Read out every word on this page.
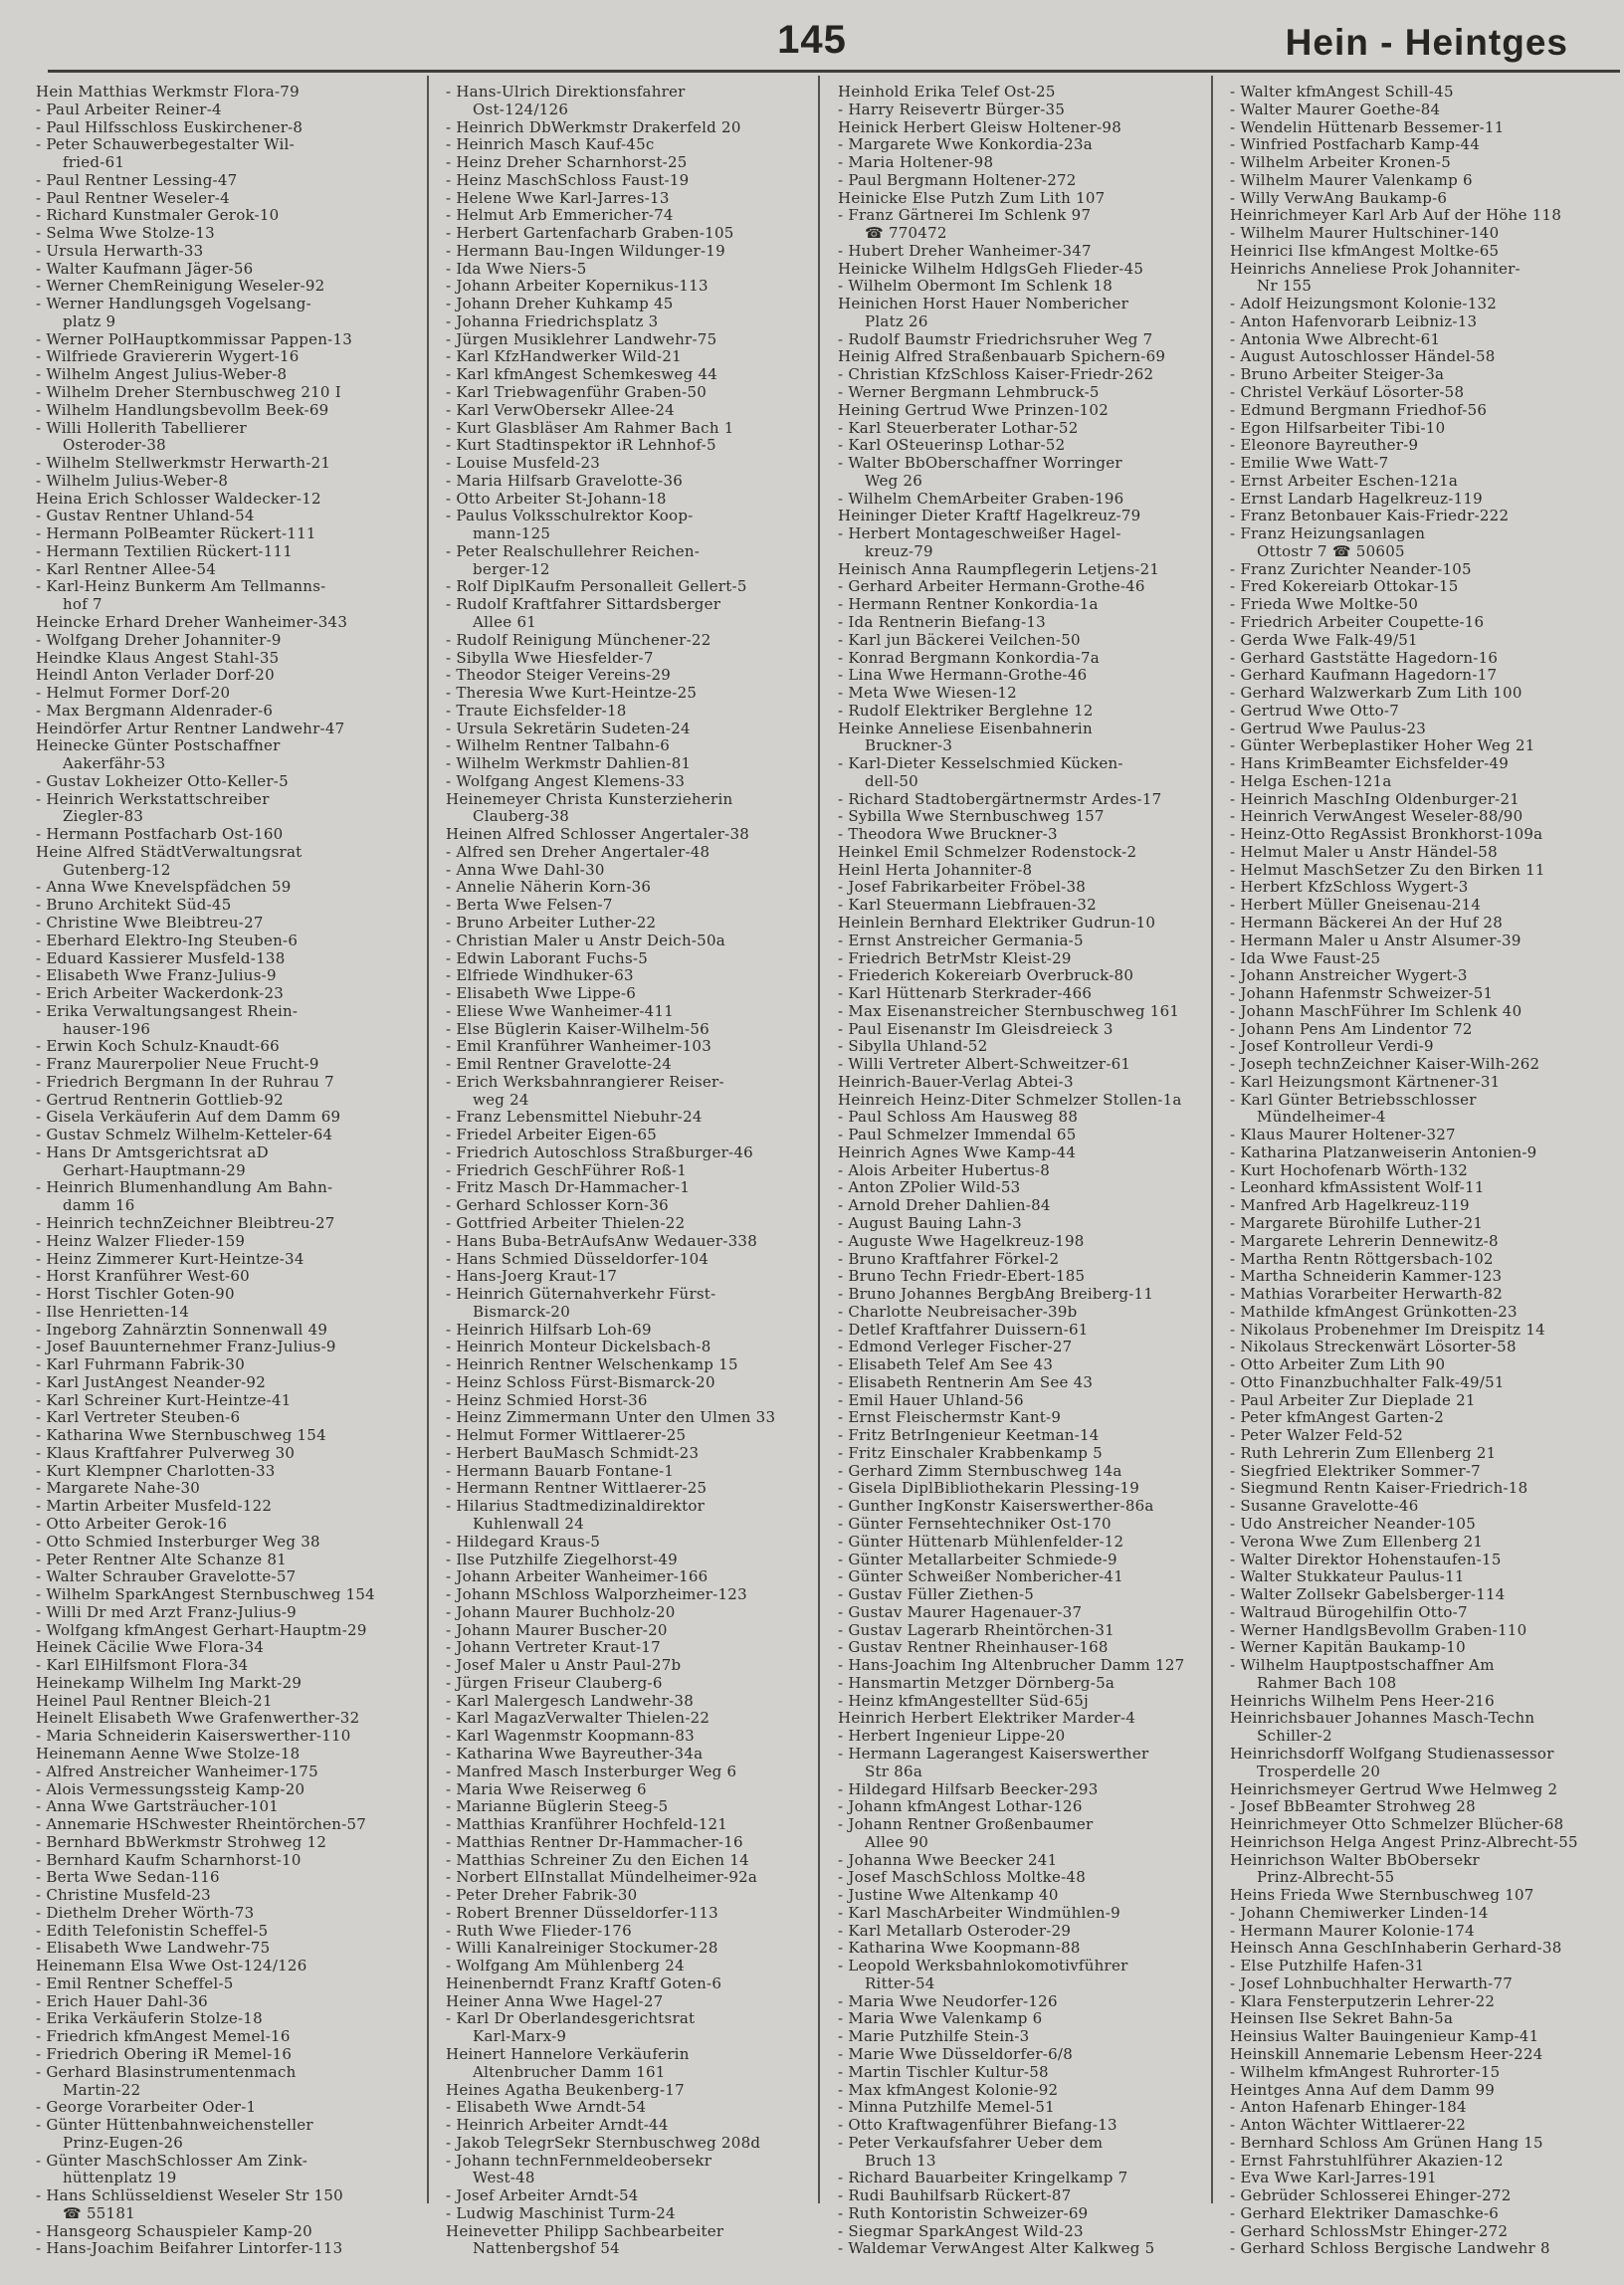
145	Hein - Heintges
Hein Matthias Werkmstr Flora-79
- Paul Arbeiter Reiner-4
- Paul Hilfsschloss Euskirchener-8
- Peter Schauwerbegestalter Wil-
fried-61
- Paul Rentner Lessing-47
- Paul Rentner Weseler-4
- Richard Kunstmaler Gerok-10
- Selma Wwe Stolze-13
- Ursula Herwarth-33
- Walter Kaufmann Jäger-56
- Werner ChemReinigung Weseler-92
- Werner Handlungsgeh Vogelsang-
platz 9
- Werner PolHauptkommissar Pappen-13
- Wilfriede Graviererin Wygert-16
- Wilhelm Angest Julius-Weber-8
- Wilhelm Dreher Sternbuschweg 210 I
- Wilhelm Handlungsbevollm Beek-69
- Willi Hollerith Tabellierer
Osteroder-38
- Wilhelm Stellwerkmstr Herwarth-21
- Wilhelm Julius-Weber-8
Heina Erich Schlosser Waldecker-12
- Gustav Rentner Uhland-54
- Hermann PolBeamter Rückert-111
- Hermann Textilien Rückert-111
- Karl Rentner Allee-54
- Karl-Heinz Bunkerm Am Tellmanns-
hof 7
Heincke Erhard Dreher Wanheimer-343
- Wolfgang Dreher Johanniter-9
Heindke Klaus Angest Stahl-35
Heindl Anton Verlader Dorf-20
- Helmut Former Dorf-20
- Max Bergmann Aldenrader-6
Heindörfer Artur Rentner Landwehr-47
Heinecke Günter Postschaffner
Aakerfähr-53
- Gustav Lokheizer Otto-Keller-5
- Heinrich Werkstattschreiber
Ziegler-83
- Hermann Postfacharb Ost-160
Heine Alfred StädtVerwaltungsrat
Gutenberg-12
- Anna Wwe Knevelspfädchen 59
- Bruno Architekt Süd-45
- Christine Wwe Bleibtreu-27
- Eberhard Elektro-Ing Steuben-6
- Eduard Kassierer Musfeld-138
- Elisabeth Wwe Franz-Julius-9
- Erich Arbeiter Wackerdonk-23
- Erika Verwaltungsangest Rhein-
hauser-196
- Erwin Koch Schulz-Knaudt-66
- Franz Maurerpolier Neue Frucht-9
- Friedrich Bergmann In der Ruhrau 7
- Gertrud Rentnerin Gottlieb-92
- Gisela Verkäuferin Auf dem Damm 69
- Gustav Schmelz Wilhelm-Ketteler-64
- Hans Dr Amtsgerichtsrat aD
Gerhart-Hauptmann-29
- Heinrich Blumenhandlung Am Bahn-
damm 16
- Heinrich technZeichner Bleibtreu-27
- Heinz Walzer Flieder-159
- Heinz Zimmerer Kurt-Heintze-34
- Horst Kranführer West-60
- Horst Tischler Goten-90
- Ilse Henrietten-14
- Ingeborg Zahnärztin Sonnenwall 49
- Josef Bauunternehmer Franz-Julius-9
- Karl Fuhrmann Fabrik-30
- Karl JustAngest Neander-92
- Karl Schreiner Kurt-Heintze-41
- Karl Vertreter Steuben-6
- Katharina Wwe Sternbuschweg 154
- Klaus Kraftfahrer Pulverweg 30
- Kurt Klempner Charlotten-33
- Margarete Nahe-30
- Martin Arbeiter Musfeld-122
- Otto Arbeiter Gerok-16
- Otto Schmied Insterburger Weg 38
- Peter Rentner Alte Schanze 81
- Walter Schrauber Gravelotte-57
- Wilhelm SparkAngest Sternbuschweg 154
- Willi Dr med Arzt Franz-Julius-9
- Wolfgang kfmAngest Gerhart-Hauptm-29
Heinek Cäcilie Wwe Flora-34
- Karl ElHilfsmont Flora-34
Heinekamp Wilhelm Ing Markt-29
Heinel Paul Rentner Bleich-21
Heinelt Elisabeth Wwe Grafenwerther-32
- Maria Schneiderin Kaiserswerther-110
Heinemann Aenne Wwe Stolze-18
- Alfred Anstreicher Wanheimer-175
- Alois Vermessungssteig Kamp-20
- Anna Wwe Gartsträucher-101
- Annemarie HSchwester Rheintörchen-57
- Bernhard BbWerkmstr Strohweg 12
- Bernhard Kaufm Scharnhorst-10
- Berta Wwe Sedan-116
- Christine Musfeld-23
- Diethelm Dreher Wörth-73
- Edith Telefonistin Scheffel-5
- Elisabeth Wwe Landwehr-75
Heinemann Elsa Wwe Ost-124/126
- Emil Rentner Scheffel-5
- Erich Hauer Dahl-36
- Erika Verkäuferin Stolze-18
- Friedrich kfmAngest Memel-16
- Friedrich Obering iR Memel-16
- Gerhard Blasinstrumentenmach
Martin-22
- George Vorarbeiter Oder-1
- Günter Hüttenbahnweichensteller
Prinz-Eugen-26
- Günter MaschSchlosser Am Zink-
hüttenplatz 19
- Hans Schlüsseldienst Weseler Str 150
☎ 55181
- Hansgeorg Schauspieler Kamp-20
- Hans-Joachim Beifahrer Lintorfer-113
- Hans-Ulrich Direktionsfahrer
Ost-124/126
- Heinrich DbWerkmstr Drakerfeld 20
- Heinrich Masch Kauf-45c
- Heinz Dreher Scharnhorst-25
- Heinz MaschSchloss Faust-19
- Helene Wwe Karl-Jarres-13
- Helmut Arb Emmericher-74
- Herbert Gartenfacharb Graben-105
- Hermann Bau-Ingen Wildunger-19
- Ida Wwe Niers-5
- Johann Arbeiter Kopernikus-113
- Johann Dreher Kuhkamp 45
- Johanna Friedrichsplatz 3
- Jürgen Musiklehrer Landwehr-75
- Karl KfzHandwerker Wild-21
- Karl kfmAngest Schemkesweg 44
- Karl Triebwagenführ Graben-50
- Karl VerwObersekr Allee-24
- Kurt Glasbläser Am Rahmer Bach 1
- Kurt Stadtinspektor iR Lehnhof-5
- Louise Musfeld-23
- Maria Hilfsarb Gravelotte-36
- Otto Arbeiter St-Johann-18
- Paulus Volksschulrektor Koop-
mann-125
- Peter Realschullehrer Reichen-
berger-12
- Rolf DiplKaufm Personalleit Gellert-5
- Rudolf Kraftfahrer Sittardsberger
Allee 61
- Rudolf Reinigung Münchener-22
- Sibylla Wwe Hiesfelder-7
- Theodor Steiger Vereins-29
- Theresia Wwe Kurt-Heintze-25
- Traute Eichsfelder-18
- Ursula Sekretärin Sudeten-24
- Wilhelm Rentner Talbahn-6
- Wilhelm Werkmstr Dahlien-81
- Wolfgang Angest Klemens-33
Heinemeyer Christa Kunsterzieherin
Clauberg-38
Heinen Alfred Schlosser Angertaler-38
- Alfred sen Dreher Angertaler-48
- Anna Wwe Dahl-30
- Annelie Näherin Korn-36
- Berta Wwe Felsen-7
- Bruno Arbeiter Luther-22
- Christian Maler u Anstr Deich-50a
- Edwin Laborant Fuchs-5
- Elfriede Windhuker-63
- Elisabeth Wwe Lippe-6
- Eliese Wwe Wanheimer-411
- Else Büglerin Kaiser-Wilhelm-56
- Emil Kranführer Wanheimer-103
- Emil Rentner Gravelotte-24
- Erich Werksbahnrangierer Reiser-
weg 24
- Franz Lebensmittel Niebuhr-24
- Friedel Arbeiter Eigen-65
- Friedrich Autoschloss Straßburger-46
- Friedrich GeschFührer Roß-1
- Fritz Masch Dr-Hammacher-1
- Gerhard Schlosser Korn-36
- Gottfried Arbeiter Thielen-22
- Hans Buba-BetrAufsAnw Wedauer-338
- Hans Schmied Düsseldorfer-104
- Hans-Joerg Kraut-17
- Heinrich Güternahverkehr Fürst-
Bismarck-20
- Heinrich Hilfsarb Loh-69
- Heinrich Monteur Dickelsbach-8
- Heinrich Rentner Welschenkamp 15
- Heinz Schloss Fürst-Bismarck-20
- Heinz Schmied Horst-36
- Heinz Zimmermann Unter den Ulmen 33
- Helmut Former Wittlaerer-25
- Herbert BauMasch Schmidt-23
- Hermann Bauarb Fontane-1
- Hermann Rentner Wittlaerer-25
- Hilarius Stadtmedizinaldirektor
Kuhlenwall 24
- Hildegard Kraus-5
- Ilse Putzhilfe Ziegelhorst-49
- Johann Arbeiter Wanheimer-166
- Johann MSchloss Walporzheimer-123
- Johann Maurer Buchholz-20
- Johann Maurer Buscher-20
- Johann Vertreter Kraut-17
- Josef Maler u Anstr Paul-27b
- Jürgen Friseur Clauberg-6
- Karl Malergesch Landwehr-38
- Karl MagazVerwalter Thielen-22
- Karl Wagenmstr Koopmann-83
- Katharina Wwe Bayreuther-34a
- Manfred Masch Insterburger Weg 6
- Maria Wwe Reiserweg 6
- Marianne Büglerin Steeg-5
- Matthias Kranführer Hochfeld-121
- Matthias Rentner Dr-Hammacher-16
- Matthias Schreiner Zu den Eichen 14
- Norbert ElInstallat Mündelheimer-92a
- Peter Dreher Fabrik-30
- Robert Brenner Düsseldorfer-113
- Ruth Wwe Flieder-176
- Willi Kanalreiniger Stockumer-28
- Wolfgang Am Mühlenberg 24
Heinenberndt Franz Kraftf Goten-6
Heiner Anna Wwe Hagel-27
- Karl Dr Oberlandesgerichtsrat
Karl-Marx-9
Heinert Hannelore Verkäuferin
Altenbrucher Damm 161
Heines Agatha Beukenberg-17
- Elisabeth Wwe Arndt-54
- Heinrich Arbeiter Arndt-44
- Jakob TelegrSekr Sternbuschweg 208d
- Johann technFernmeldeobersekr
West-48
- Josef Arbeiter Arndt-54
- Ludwig Maschinist Turm-24
Heinevetter Philipp Sachbearbeiter
Nattenbergshof 54
Heinhold Erika Telef Ost-25
- Harry Reisevertr Bürger-35
Heinick Herbert Gleisw Holtener-98
- Margarete Wwe Konkordia-23a
- Maria Holtener-98
- Paul Bergmann Holtener-272
Heinicke Else Putzh Zum Lith 107
- Franz Gärtnerei Im Schlenk 97
☎ 770472
- Hubert Dreher Wanheimer-347
Heinicke Wilhelm HdlgsGeh Flieder-45
- Wilhelm Obermont Im Schlenk 18
Heinichen Horst Hauer Nombericher
Platz 26
- Rudolf Baumstr Friedrichsruher Weg 7
Heinig Alfred Straßenbauarb Spichern-69
- Christian KfzSchloss Kaiser-Friedr-262
- Werner Bergmann Lehmbruck-5
Heining Gertrud Wwe Prinzen-102
- Karl Steuerberater Lothar-52
- Karl OSteuerinsp Lothar-52
- Walter BbOberschaffner Worringer
Weg 26
- Wilhelm ChemArbeiter Graben-196
Heininger Dieter Kraftf Hagelkreuz-79
- Herbert Montageschweißer Hagel-
kreuz-79
Heinisch Anna Raumpflegerin Letjens-21
- Gerhard Arbeiter Hermann-Grothe-46
- Hermann Rentner Konkordia-1a
- Ida Rentnerin Biefang-13
- Karl jun Bäckerei Veilchen-50
- Konrad Bergmann Konkordia-7a
- Lina Wwe Hermann-Grothe-46
- Meta Wwe Wiesen-12
- Rudolf Elektriker Berglehne 12
Heinke Anneliese Eisenbahnerin
Bruckner-3
- Karl-Dieter Kesselschmied Kücken-
dell-50
- Richard Stadtobergärtnermstr Ardes-17
- Sybilla Wwe Sternbuschweg 157
- Theodora Wwe Bruckner-3
Heinkel Emil Schmelzer Rodenstock-2
Heinl Herta Johanniter-8
- Josef Fabrikarbeiter Fröbel-38
- Karl Steuermann Liebfrauen-32
Heinlein Bernhard Elektriker Gudrun-10
- Ernst Anstreicher Germania-5
- Friedrich BetrMstr Kleist-29
- Friederich Kokereiarb Overbruck-80
- Karl Hüttenarb Sterkrader-466
- Max Eisenanstreicher Sternbuschweg 161
- Paul Eisenanstr Im Gleisdreieck 3
- Sibylla Uhland-52
- Willi Vertreter Albert-Schweitzer-61
Heinrich-Bauer-Verlag Abtei-3
Heinreich Heinz-Diter Schmelzer Stollen-1a
- Paul Schloss Am Hausweg 88
- Paul Schmelzer Immendal 65
Heinrich Agnes Wwe Kamp-44
- Alois Arbeiter Hubertus-8
- Anton ZPolier Wild-53
- Arnold Dreher Dahlien-84
- August Bauing Lahn-3
- Auguste Wwe Hagelkreuz-198
- Bruno Kraftfahrer Förkel-2
- Bruno Techn Friedr-Ebert-185
- Bruno Johannes BergbAng Breiberg-11
- Charlotte Neubreisacher-39b
- Detlef Kraftfahrer Duissern-61
- Edmond Verleger Fischer-27
- Elisabeth Telef Am See 43
- Elisabeth Rentnerin Am See 43
- Emil Hauer Uhland-56
- Ernst Fleischermstr Kant-9
- Fritz BetrIngenieur Keetman-14
- Fritz Einschaler Krabbenkamp 5
- Gerhard Zimm Sternbuschweg 14a
- Gisela DiplBibliothekarin Plessing-19
- Gunther IngKonstr Kaiserswerther-86a
- Günter Fernsehtechniker Ost-170
- Günter Hüttenarb Mühlenfelder-12
- Günter Metallarbeiter Schmiede-9
- Günter Schweißer Nombericher-41
- Gustav Füller Ziethen-5
- Gustav Maurer Hagenauer-37
- Gustav Lagerarb Rheintörchen-31
- Gustav Rentner Rheinhauser-168
- Hans-Joachim Ing Altenbrucher Damm 127
- Hansmartin Metzger Dörnberg-5a
- Heinz kfmAngestellter Süd-65j
Heinrich Herbert Elektriker Marder-4
- Herbert Ingenieur Lippe-20
- Hermann Lagerangest Kaiserswerther
Str 86a
- Hildegard Hilfsarb Beecker-293
- Johann kfmAngest Lothar-126
- Johann Rentner Großenbaumer
Allee 90
- Johanna Wwe Beecker 241
- Josef MaschSchloss Moltke-48
- Justine Wwe Altenkamp 40
- Karl MaschArbeiter Windmühlen-9
- Karl Metallarb Osteroder-29
- Katharina Wwe Koopmann-88
- Leopold Werksbahnlokomotivführer
Ritter-54
- Maria Wwe Neudorfer-126
- Maria Wwe Valenkamp 6
- Marie Putzhilfe Stein-3
- Marie Wwe Düsseldorfer-6/8
- Martin Tischler Kultur-58
- Max kfmAngest Kolonie-92
- Minna Putzhilfe Memel-51
- Otto Kraftwagenführer Biefang-13
- Peter Verkaufsfahrer Ueber dem
Bruch 13
- Richard Bauarbeiter Kringelkamp 7
- Rudi Bauhilfsarb Rückert-87
- Ruth Kontoristin Schweizer-69
- Siegmar SparkAngest Wild-23
- Waldemar VerwAngest Alter Kalkweg 5
- Walter kfmAngest Schill-45
- Walter Maurer Goethe-84
- Wendelin Hüttenarb Bessemer-11
- Winfried Postfacharb Kamp-44
- Wilhelm Arbeiter Kronen-5
- Wilhelm Maurer Valenkamp 6
- Willy VerwAng Baukamp-6
Heinrichmeyer Karl Arb Auf der Höhe 118
- Wilhelm Maurer Hultschiner-140
Heinrici Ilse kfmAngest Moltke-65
Heinrichs Anneliese Prok Johanniter-
Nr 155
- Adolf Heizungsmont Kolonie-132
- Anton Hafenvorarb Leibniz-13
- Antonia Wwe Albrecht-61
- August Autoschlosser Händel-58
- Bruno Arbeiter Steiger-3a
- Christel Verkäuf Lösorter-58
- Edmund Bergmann Friedhof-56
- Egon Hilfsarbeiter Tibi-10
- Eleonore Bayreuther-9
- Emilie Wwe Watt-7
- Ernst Arbeiter Eschen-121a
- Ernst Landarb Hagelkreuz-119
- Franz Betonbauer Kais-Friedr-222
- Franz Heizungsanlagen
Ottostr 7 ☎ 50605
- Franz Zurichter Neander-105
- Fred Kokereiarb Ottokar-15
- Frieda Wwe Moltke-50
- Friedrich Arbeiter Coupette-16
- Gerda Wwe Falk-49/51
- Gerhard Gaststätte Hagedorn-16
- Gerhard Kaufmann Hagedorn-17
- Gerhard Walzwerkarb Zum Lith 100
- Gertrud Wwe Otto-7
- Gertrud Wwe Paulus-23
- Günter Werbeplastiker Hoher Weg 21
- Hans KrimBeamter Eichsfelder-49
- Helga Eschen-121a
- Heinrich MaschIng Oldenburger-21
- Heinrich VerwAngest Weseler-88/90
- Heinz-Otto RegAssist Bronkhorst-109a
- Helmut Maler u Anstr Händel-58
- Helmut MaschSetzer Zu den Birken 11
- Herbert KfzSchloss Wygert-3
- Herbert Müller Gneisenau-214
- Hermann Bäckerei An der Huf 28
- Hermann Maler u Anstr Alsumer-39
- Ida Wwe Faust-25
- Johann Anstreicher Wygert-3
- Johann Hafenmstr Schweizer-51
- Johann MaschFührer Im Schlenk 40
- Johann Pens Am Lindentor 72
- Josef Kontrolleur Verdi-9
- Joseph technZeichner Kaiser-Wilh-262
- Karl Heizungsmont Kärtnener-31
- Karl Günter Betriebsschlosser
Mündelheimer-4
- Klaus Maurer Holtener-327
- Katharina Platzanweiserin Antonien-9
- Kurt Hochofenarb Wörth-132
- Leonhard kfmAssistent Wolf-11
- Manfred Arb Hagelkreuz-119
- Margarete Bürohilfe Luther-21
- Margarete Lehrerin Dennewitz-8
- Martha Rentn Röttgersbach-102
- Martha Schneiderin Kammer-123
- Mathias Vorarbeiter Herwarth-82
- Mathilde kfmAngest Grünkotten-23
- Nikolaus Probenehmer Im Dreispitz 14
- Nikolaus Streckenwärt Lösorter-58
- Otto Arbeiter Zum Lith 90
- Otto Finanzbuchhalter Falk-49/51
- Paul Arbeiter Zur Dieplade 21
- Peter kfmAngest Garten-2
- Peter Walzer Feld-52
- Ruth Lehrerin Zum Ellenberg 21
- Siegfried Elektriker Sommer-7
- Siegmund Rentn Kaiser-Friedrich-18
- Susanne Gravelotte-46
- Udo Anstreicher Neander-105
- Verona Wwe Zum Ellenberg 21
- Walter Direktor Hohenstaufen-15
- Walter Stukkateur Paulus-11
- Walter Zollsekr Gabelsberger-114
- Waltraud Bürogehilfin Otto-7
- Werner HandlgsBevollm Graben-110
- Werner Kapitän Baukamp-10
- Wilhelm Hauptpostschaffner Am
Rahmer Bach 108
Heinrichs Wilhelm Pens Heer-216
Heinrichsbauer Johannes Masch-Techn
Schiller-2
Heinrichsdorff Wolfgang Studienassessor
Trosperdelle 20
Heinrichsmeyer Gertrud Wwe Helmweg 2
- Josef BbBeamter Strohweg 28
Heinrichmeyer Otto Schmelzer Blücher-68
Heinrichson Helga Angest Prinz-Albrecht-55
Heinrichson Walter BbObersekr
Prinz-Albrecht-55
Heins Frieda Wwe Sternbuschweg 107
- Johann Chemiwerker Linden-14
- Hermann Maurer Kolonie-174
Heinsch Anna GeschInhaberin Gerhard-38
- Else Putzhilfe Hafen-31
- Josef Lohnbuchhalter Herwarth-77
- Klara Fensterputzerin Lehrer-22
Heinsen Ilse Sekret Bahn-5a
Heinsius Walter Bauingenieur Kamp-41
Heinskill Annemarie Lebensm Heer-224
- Wilhelm kfmAngest Ruhrorter-15
Heintges Anna Auf dem Damm 99
- Anton Hafenarb Ehinger-184
- Anton Wächter Wittlaerer-22
- Bernhard Schloss Am Grünen Hang 15
- Ernst Fahrstuhlführer Akazien-12
- Eva Wwe Karl-Jarres-191
- Gebrüder Schlosserei Ehinger-272
- Gerhard Elektriker Damaschke-6
- Gerhard SchlossMstr Ehinger-272
- Gerhard Schloss Bergische Landwehr 8
